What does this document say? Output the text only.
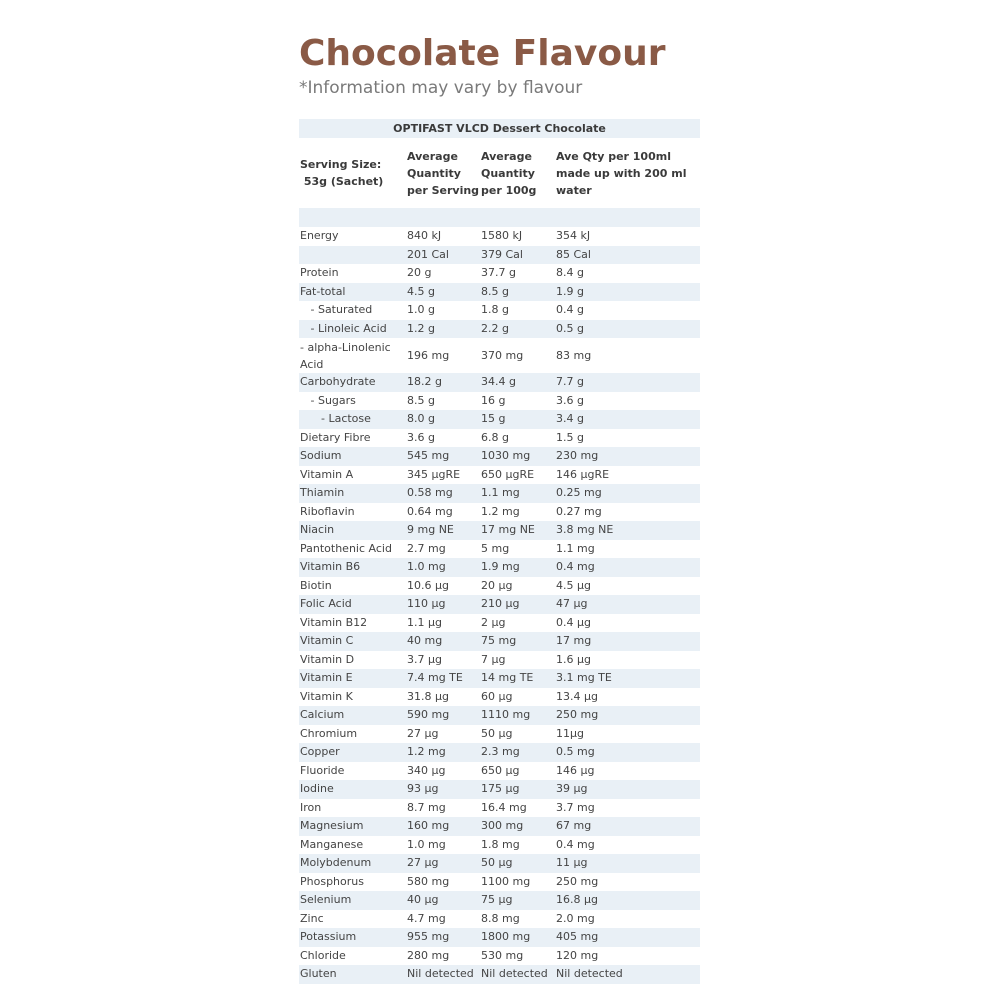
Chocolate Flavour

*Information may vary by flavour

OPTIFAST VLCD Dessert Chocolate			

Serving Size:
53g (Sachet)	Average Quantity per Serving	Average Quantity per 100g	Ave Qty per 100ml made up with 200 ml water

Energy	840 kJ	1580 kJ	354 kJ
	201 Cal	379 Cal	85 Cal
Protein	20 g	37.7 g	8.4 g
Fat-total	4.5 g	8.5 g	1.9 g
- Saturated	1.0 g	1.8 g	0.4 g
- Linoleic Acid	1.2 g	2.2 g	0.5 g
- alpha-Linolenic Acid	196 mg	370 mg	83 mg
Carbohydrate	18.2 g	34.4 g	7.7 g
- Sugars	8.5 g	16 g	3.6 g
- Lactose	8.0 g	15 g	3.4 g
Dietary Fibre	3.6 g	6.8 g	1.5 g
Sodium	545 mg	1030 mg	230 mg
Vitamin A	345 µgRE	650 µgRE	146 µgRE
Thiamin	0.58 mg	1.1 mg	0.25 mg
Riboflavin	0.64 mg	1.2 mg	0.27 mg
Niacin	9 mg NE	17 mg NE	3.8 mg NE
Pantothenic Acid	2.7 mg	5 mg	1.1 mg
Vitamin B6	1.0 mg	1.9 mg	0.4 mg
Biotin	10.6 µg	20 µg	4.5 µg
Folic Acid	110 µg	210 µg	47 µg
Vitamin B12	1.1 µg	2 µg	0.4 µg
Vitamin C	40 mg	75 mg	17 mg
Vitamin D	3.7 µg	7 µg	1.6 µg
Vitamin E	7.4 mg TE	14 mg TE	3.1 mg TE
Vitamin K	31.8 µg	60 µg	13.4 µg
Calcium	590 mg	1110 mg	250 mg
Chromium	27 µg	50 µg	11µg
Copper	1.2 mg	2.3 mg	0.5 mg
Fluoride	340 µg	650 µg	146 µg
Iodine	93 µg	175 µg	39 µg
Iron	8.7 mg	16.4 mg	3.7 mg
Magnesium	160 mg	300 mg	67 mg
Manganese	1.0 mg	1.8 mg	0.4 mg
Molybdenum	27 µg	50 µg	11 µg
Phosphorus	580 mg	1100 mg	250 mg
Selenium	40 µg	75 µg	16.8 µg
Zinc	4.7 mg	8.8 mg	2.0 mg
Potassium	955 mg	1800 mg	405 mg
Chloride	280 mg	530 mg	120 mg
Gluten	Nil detected	Nil detected	Nil detected
